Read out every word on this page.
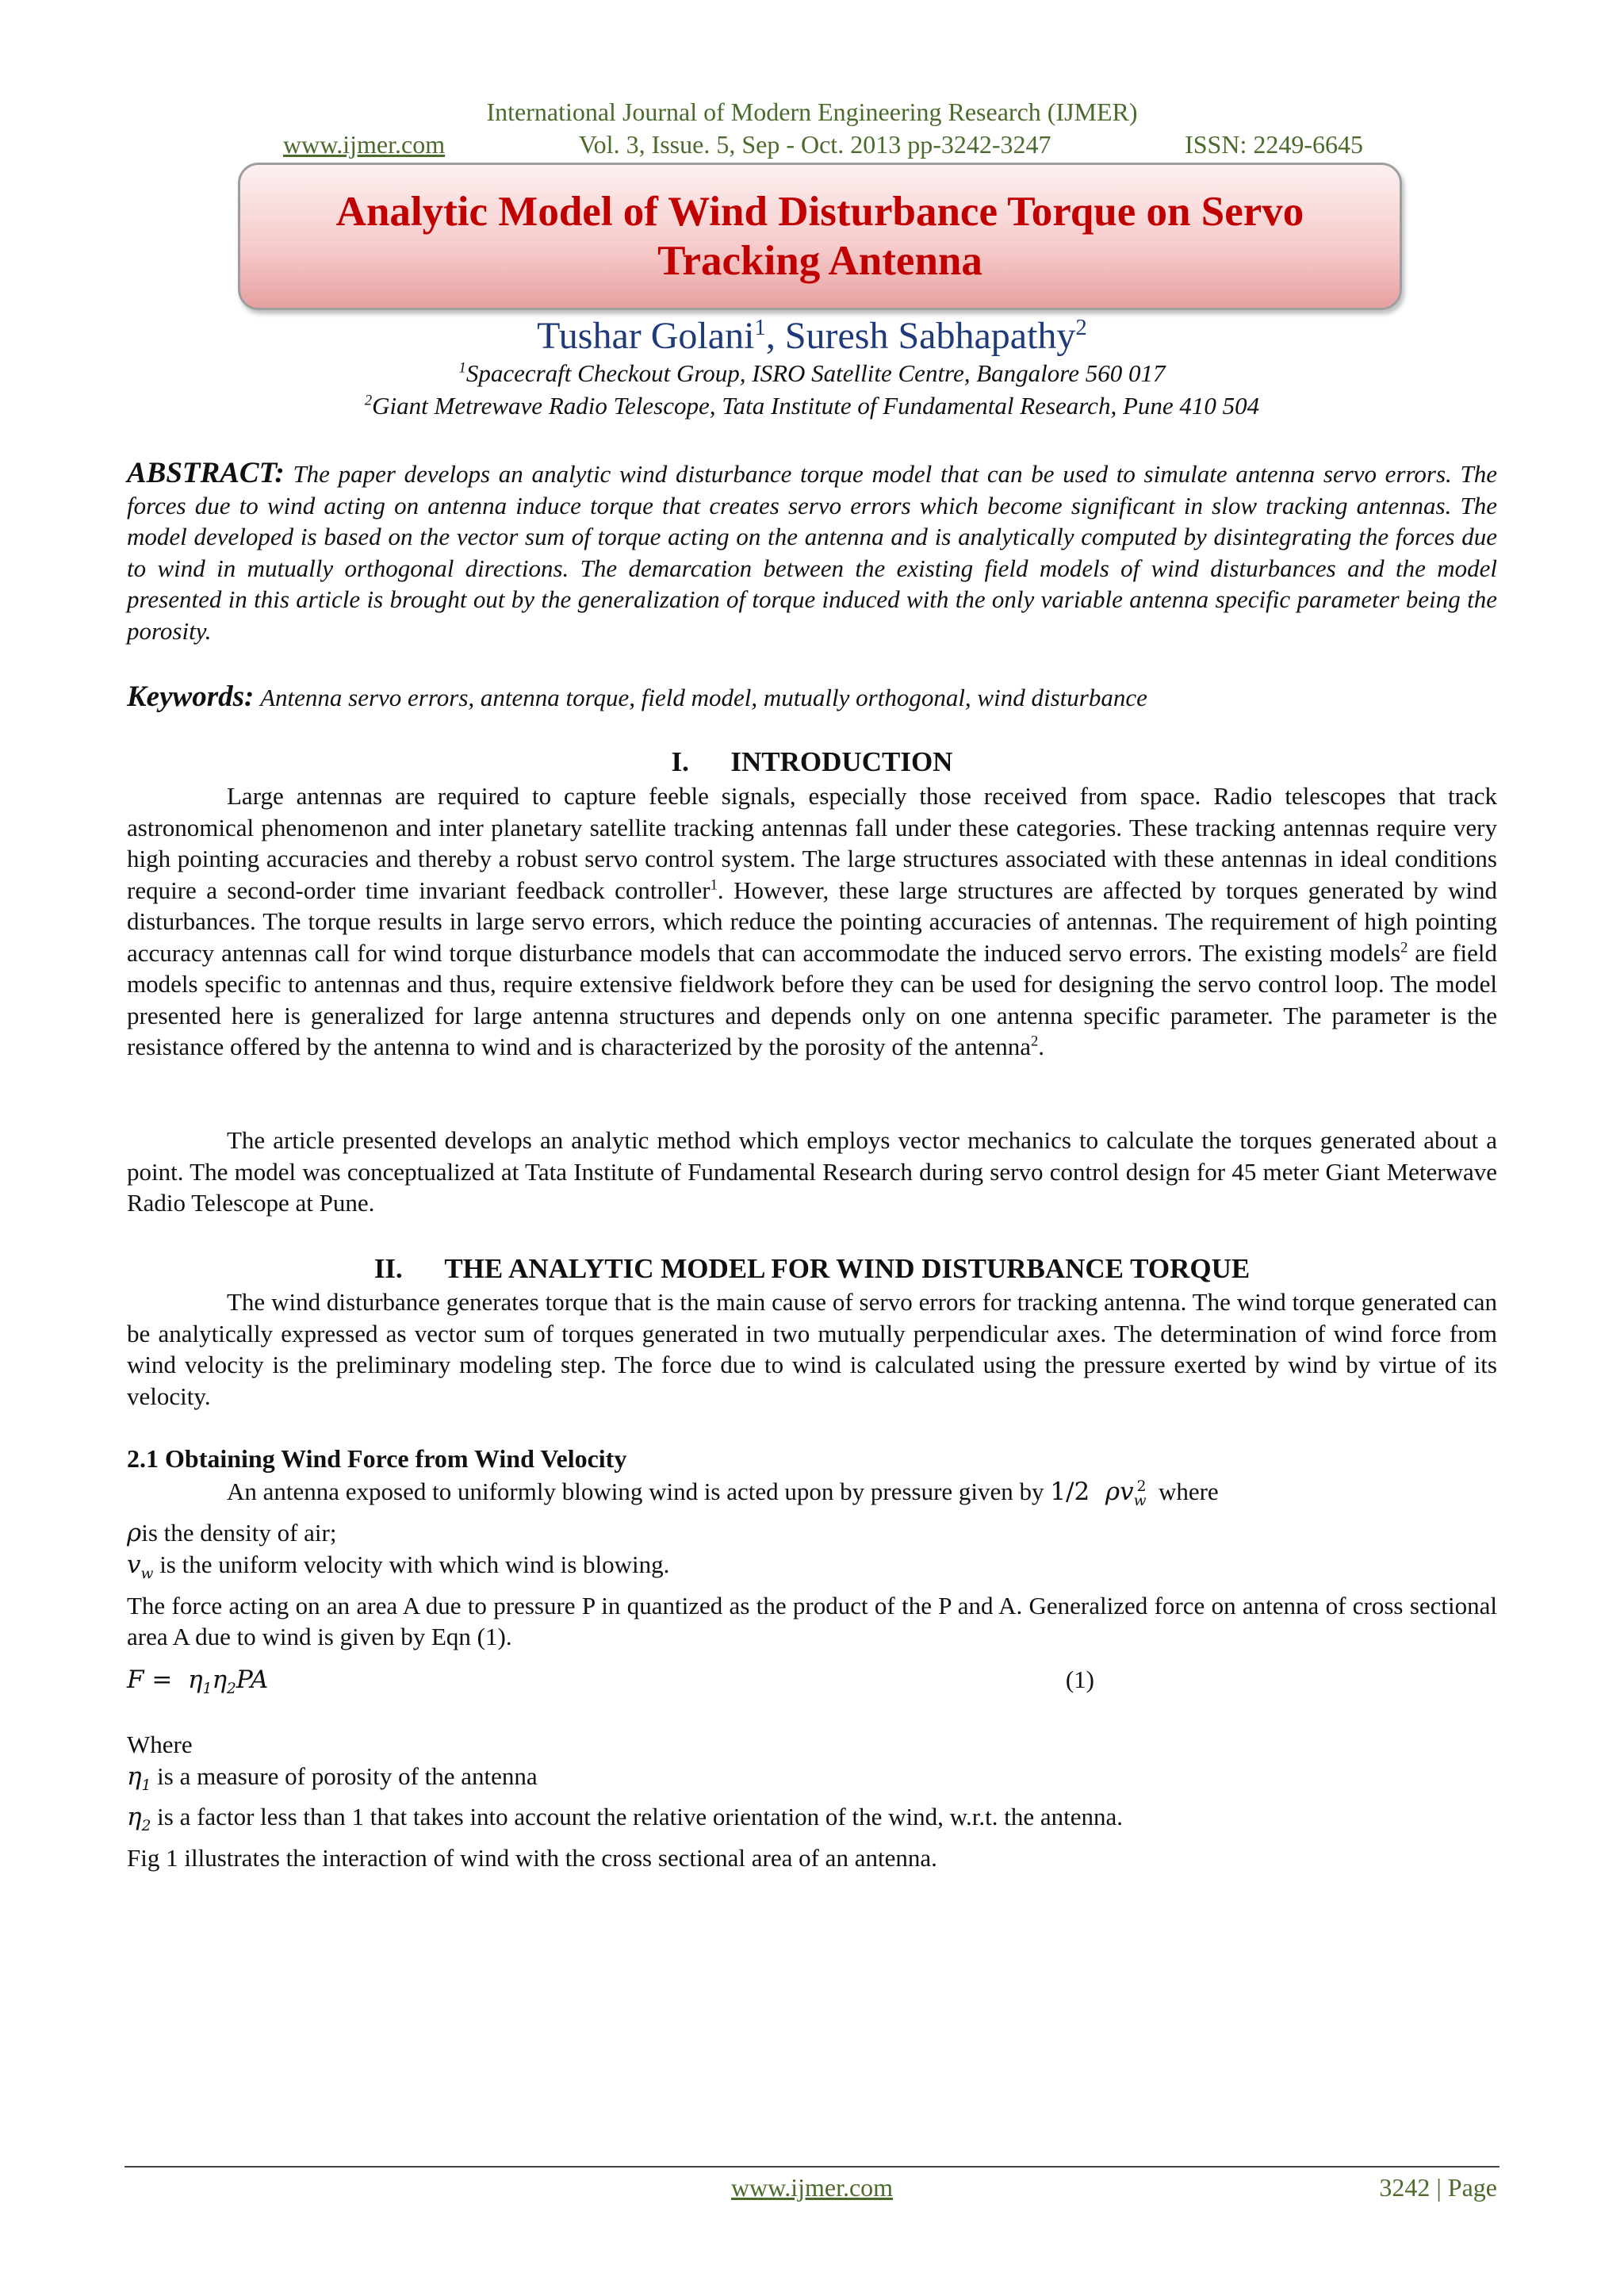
International Journal of Modern Engineering Research (IJMER)
www.ijmer.com	Vol. 3, Issue. 5, Sep - Oct. 2013 pp-3242-3247	ISSN: 2249-6645
Analytic Model of Wind Disturbance Torque on Servo Tracking Antenna
Tushar Golani$^1$, Suresh Sabhapathy$^2$
$^1$Spacecraft Checkout Group, ISRO Satellite Centre, Bangalore 560 017
$^2$Giant Metrewave Radio Telescope, Tata Institute of Fundamental Research, Pune 410 504
ABSTRACT: The paper develops an analytic wind disturbance torque model that can be used to simulate antenna servo errors. The forces due to wind acting on antenna induce torque that creates servo errors which become significant in slow tracking antennas. The model developed is based on the vector sum of torque acting on the antenna and is analytically computed by disintegrating the forces due to wind in mutually orthogonal directions. The demarcation between the existing field models of wind disturbances and the model presented in this article is brought out by the generalization of torque induced with the only variable antenna specific parameter being the porosity.
Keywords: Antenna servo errors, antenna torque, field model, mutually orthogonal, wind disturbance
I. INTRODUCTION
Large antennas are required to capture feeble signals, especially those received from space. Radio telescopes that track astronomical phenomenon and inter planetary satellite tracking antennas fall under these categories. These tracking antennas require very high pointing accuracies and thereby a robust servo control system. The large structures associated with these antennas in ideal conditions require a second-order time invariant feedback controller$^1$. However, these large structures are affected by torques generated by wind disturbances. The torque results in large servo errors, which reduce the pointing accuracies of antennas. The requirement of high pointing accuracy antennas call for wind torque disturbance models that can accommodate the induced servo errors. The existing models$^2$ are field models specific to antennas and thus, require extensive fieldwork before they can be used for designing the servo control loop. The model presented here is generalized for large antenna structures and depends only on one antenna specific parameter. The parameter is the resistance offered by the antenna to wind and is characterized by the porosity of the antenna$^2$.
The article presented develops an analytic method which employs vector mechanics to calculate the torques generated about a point. The model was conceptualized at Tata Institute of Fundamental Research during servo control design for 45 meter Giant Meterwave Radio Telescope at Pune.
II. THE ANALYTIC MODEL FOR WIND DISTURBANCE TORQUE
The wind disturbance generates torque that is the main cause of servo errors for tracking antenna. The wind torque generated can be analytically expressed as vector sum of torques generated in two mutually perpendicular axes. The determination of wind force from wind velocity is the preliminary modeling step. The force due to wind is calculated using the pressure exerted by wind by virtue of its velocity.
2.1 Obtaining Wind Force from Wind Velocity
An antenna exposed to uniformly blowing wind is acted upon by pressure given by 1/2  $\rho v_w^2$ where
ρis the density of air;
$v_w$ is the uniform velocity with which wind is blowing.
The force acting on an area A due to pressure P in quantized as the product of the P and A. Generalized force on antenna of cross sectional area A due to wind is given by Eqn (1).
$F = \eta_1\eta_2PA$	(1)
Where
$\eta_1$ is a measure of porosity of the antenna
$\eta_2$ is a factor less than 1 that takes into account the relative orientation of the wind, w.r.t. the antenna.
Fig 1 illustrates the interaction of wind with the cross sectional area of an antenna.
www.ijmer.com	3242 | Page
